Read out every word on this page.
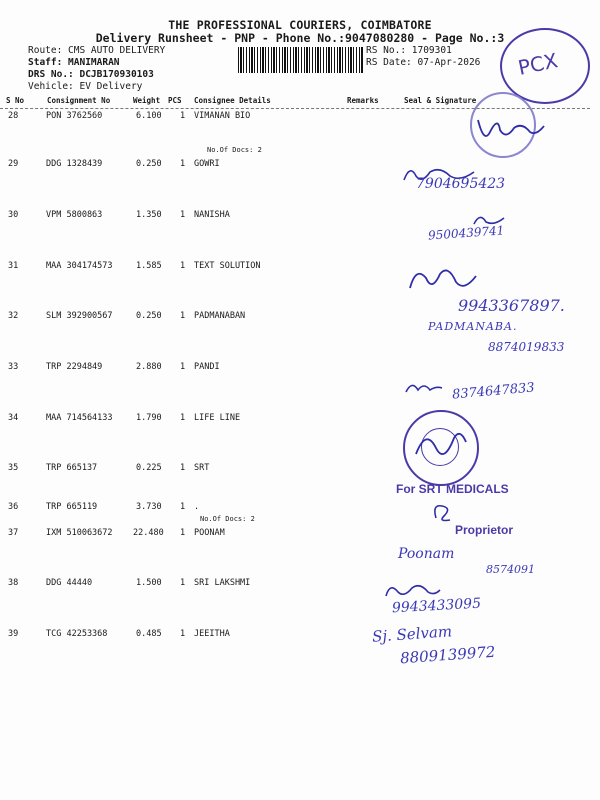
THE PROFESSIONAL COURIERS, COIMBATORE
Delivery Runsheet - PNP - Phone No.:9047080280 - Page No.:3
Route: CMS AUTO DELIVERY
Staff: MANIMARAN
DRS No.: DCJB170930103
Vehicle: EV Delivery
RS No.: 1709301
RS Date: 07-Apr-2026 PCX
S No	Consignment No	Weight PCS Consignee Details	Remarks	Seal & Signature
28	PON 3762560	6.100 1 VIMANAN BIO
No.Of Docs: 2
29	DDG 1328439	0.250 1 GOWRI
30	VPM 5800863	1.350 1 NANISHA
31	MAA 304174573	1.585 1 TEXT SOLUTION
32	SLM 392900567	0.250 1 PADMANABAN
33	TRP 2294849	2.880 1 PANDI
34	MAA 714564133	1.790 1 LIFE LINE
35	TRP 665137	0.225 1 SRT
36	TRP 665119	3.730 1 .
No.Of Docs: 2
37	IXM 510063672 22.480 1 POONAM
38	DDG 44440	1.500 1 SRI LAKSHMI
39	TCG 42253368	0.485 1 JEEITHA
7904695423
9500439741
9943367897.
PADMANABA.
8874019833
8374647833
For SRT MEDICALS
Proprietor
Poonam
8574091
9943433095
Sj. Selvam
8809139972
